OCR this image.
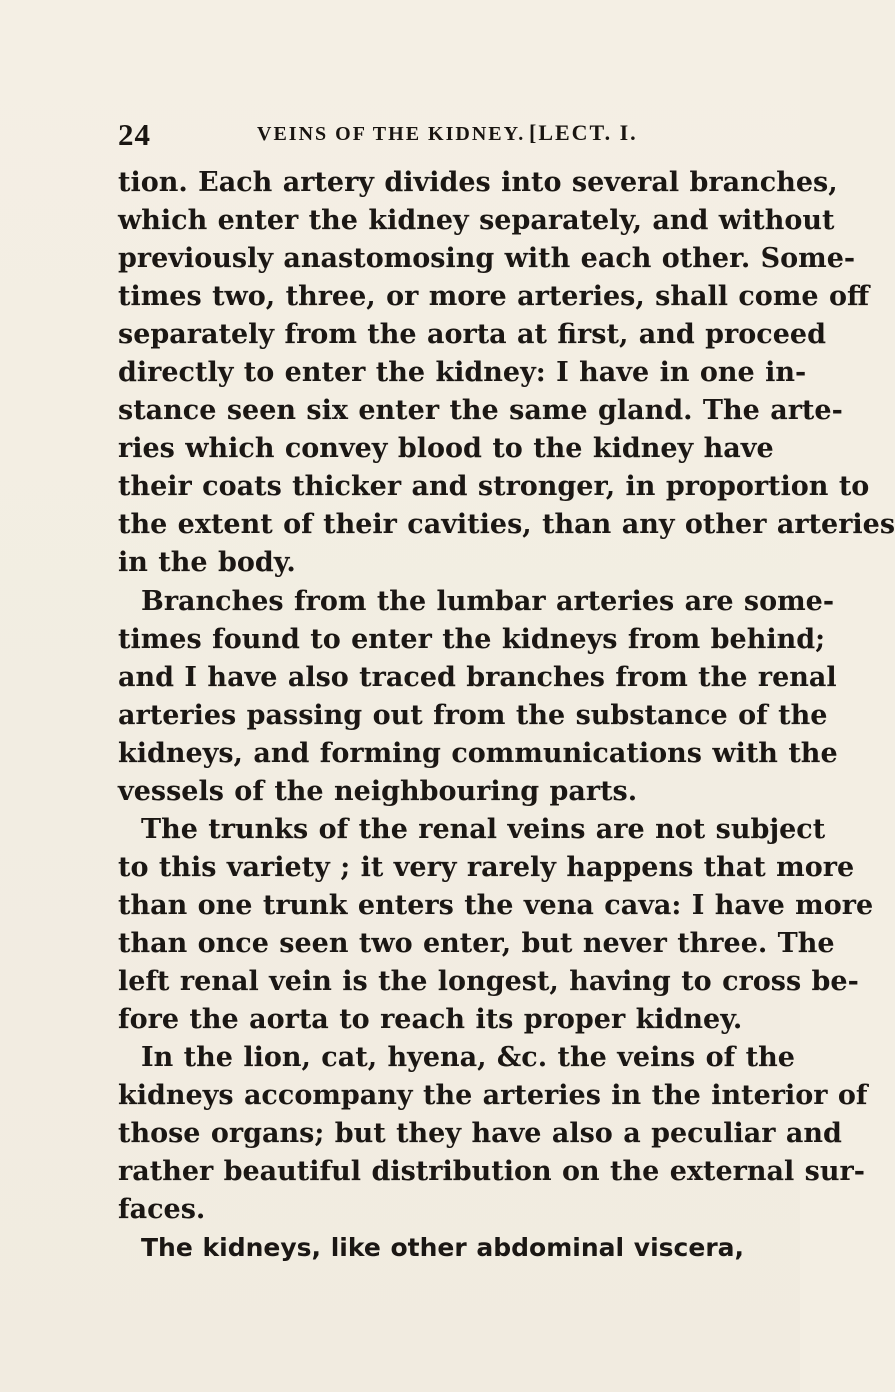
24	VEINS OF THE KIDNEY. [LECT. I.
tion. Each artery divides into several branches,
which enter the kidney separately, and without
previously anastomosing with each other. Some-
times two, three, or more arteries, shall come off
separately from the aorta at first, and proceed
directly to enter the kidney: I have in one in-
stance seen six enter the same gland. The arte-
ries which convey blood to the kidney have
their coats thicker and stronger, in proportion to
the extent of their cavities, than any other arteries
in the body.
Branches from the lumbar arteries are some-
times found to enter the kidneys from behind;
and I have also traced branches from the renal
arteries passing out from the substance of the
kidneys, and forming communications with the
vessels of the neighbouring parts.
The trunks of the renal veins are not subject
to this variety ; it very rarely happens that more
than one trunk enters the vena cava: I have more
than once seen two enter, but never three. The
left renal vein is the longest, having to cross be-
fore the aorta to reach its proper kidney.
In the lion, cat, hyena, &c. the veins of the
kidneys accompany the arteries in the interior of
those organs; but they have also a peculiar and
rather beautiful distribution on the external sur-
faces.
The kidneys, like other abdominal viscera,
